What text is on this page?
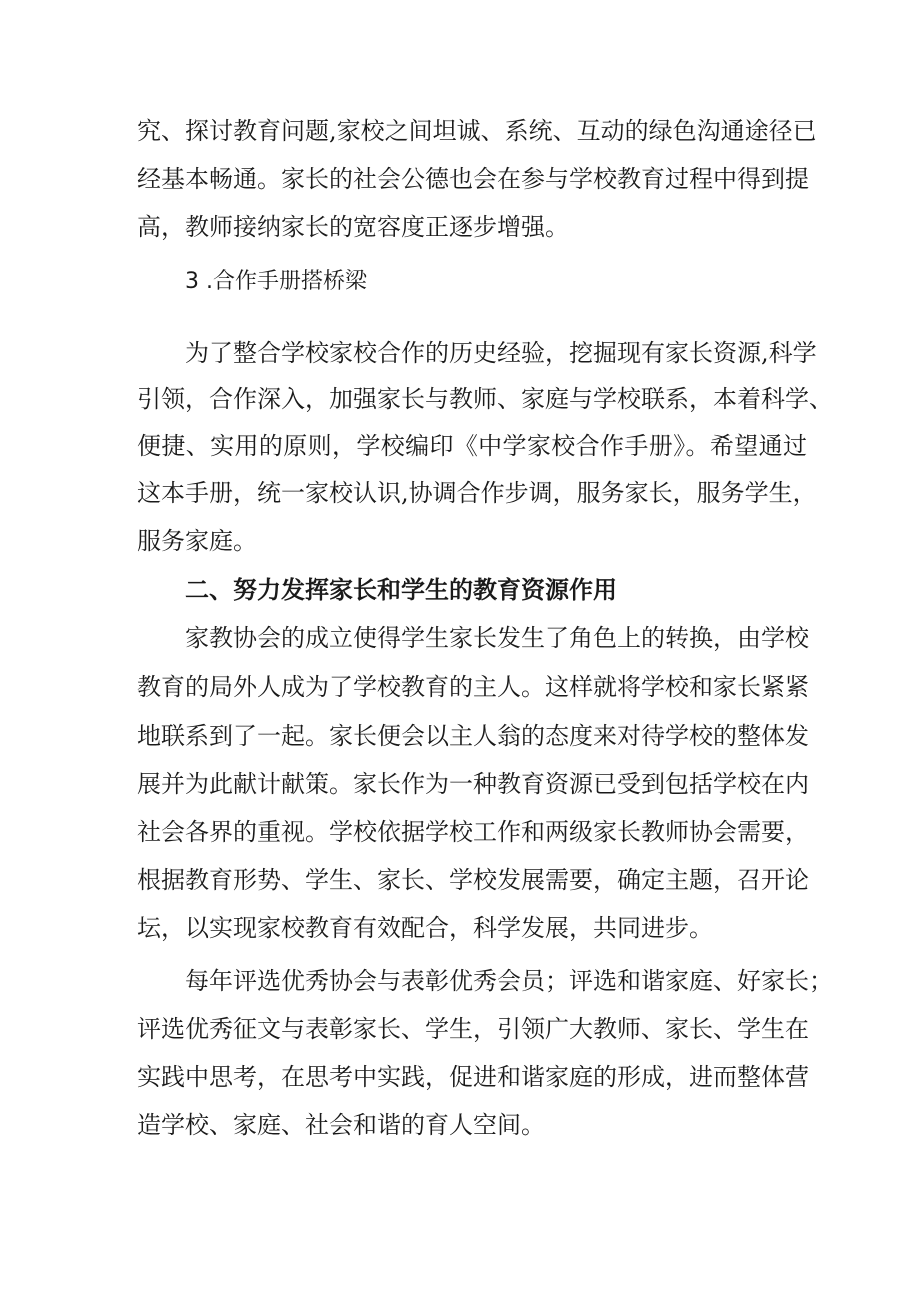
究、探讨教育问题,家校之间坦诚、系统、互动的绿色沟通途径已
经基本畅通。家长的社会公德也会在参与学校教育过程中得到提
高，教师接纳家长的宽容度正逐步增强。
3 .合作手册搭桥梁
为了整合学校家校合作的历史经验，挖掘现有家长资源,科学
引领，合作深入，加强家长与教师、家庭与学校联系，本着科学、
便捷、实用的原则，学校编印《中学家校合作手册》。希望通过
这本手册，统一家校认识,协调合作步调，服务家长，服务学生，
服务家庭。
二、努力发挥家长和学生的教育资源作用
家教协会的成立使得学生家长发生了角色上的转换，由学校
教育的局外人成为了学校教育的主人。这样就将学校和家长紧紧
地联系到了一起。家长便会以主人翁的态度来对待学校的整体发
展并为此献计献策。家长作为一种教育资源已受到包括学校在内
社会各界的重视。学校依据学校工作和两级家长教师协会需要，
根据教育形势、学生、家长、学校发展需要，确定主题，召开论
坛，以实现家校教育有效配合，科学发展，共同进步。
每年评选优秀协会与表彰优秀会员；评选和谐家庭、好家长；
评选优秀征文与表彰家长、学生，引领广大教师、家长、学生在
实践中思考，在思考中实践，促进和谐家庭的形成，进而整体营
造学校、家庭、社会和谐的育人空间。
